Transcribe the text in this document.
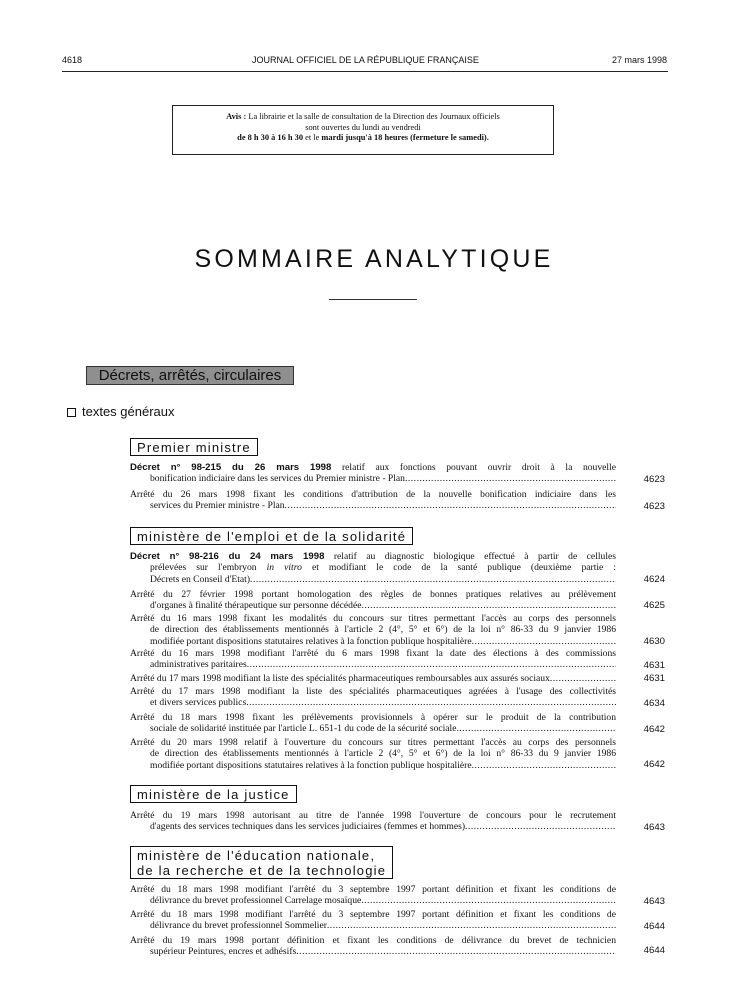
4618	JOURNAL OFFICIEL DE LA RÉPUBLIQUE FRANÇAISE	27 mars 1998
Avis : La librairie et la salle de consultation de la Direction des Journaux officiels
sont ouvertes du lundi au vendredi
de 8 h 30 à 16 h 30 et le mardi jusqu'à 18 heures (fermeture le samedi).
SOMMAIRE ANALYTIQUE
Décrets, arrêtés, circulaires
textes généraux
Premier ministre
Décret n° 98-215 du 26 mars 1998 relatif aux fonctions pouvant ouvrir droit à la nouvelle
bonification indiciaire dans les services du Premier ministre - Plan .....	4623
Arrêté du 26 mars 1998 fixant les conditions d'attribution de la nouvelle bonification indiciaire dans les
services du Premier ministre - Plan .....	4623
ministère de l'emploi et de la solidarité
Décret n° 98-216 du 24 mars 1998 relatif au diagnostic biologique effectué à partir de cellules
prélevées sur l'embryon in vitro et modifiant le code de la santé publique (deuxième partie :
Décrets en Conseil d'Etat) .....	4624
Arrêté du 27 février 1998 portant homologation des règles de bonnes pratiques relatives au prélèvement
d'organes à finalité thérapeutique sur personne décédée .....	4625
Arrêté du 16 mars 1998 fixant les modalités du concours sur titres permettant l'accès au corps des personnels
de direction des établissements mentionnés à l'article 2 (4°, 5° et 6°) de la loi n° 86-33 du 9 janvier 1986
modifiée portant dispositions statutaires relatives à la fonction publique hospitalière .....	4630
Arrêté du 16 mars 1998 modifiant l'arrêté du 6 mars 1998 fixant la date des élections à des commissions
administratives paritaires .....	4631
Arrêté du 17 mars 1998 modifiant la liste des spécialités pharmaceutiques remboursables aux assurés sociaux .....	4631
Arrêté du 17 mars 1998 modifiant la liste des spécialités pharmaceutiques agréées à l'usage des collectivités
et divers services publics .....	4634
Arrêté du 18 mars 1998 fixant les prélèvements provisionnels à opérer sur le produit de la contribution
sociale de solidarité instituée par l'article L. 651-1 du code de la sécurité sociale .....	4642
Arrêté du 20 mars 1998 relatif à l'ouverture du concours sur titres permettant l'accès au corps des personnels
de direction des établissements mentionnés à l'article 2 (4°, 5° et 6°) de la loi n° 86-33 du 9 janvier 1986
modifiée portant dispositions statutaires relatives à la fonction publique hospitalière .....	4642
ministère de la justice
Arrêté du 19 mars 1998 autorisant au titre de l'année 1998 l'ouverture de concours pour le recrutement
d'agents des services techniques dans les services judiciaires (femmes et hommes) .....	4643
ministère de l'éducation nationale,
de la recherche et de la technologie
Arrêté du 18 mars 1998 modifiant l'arrêté du 3 septembre 1997 portant définition et fixant les conditions de
délivrance du brevet professionnel Carrelage mosaïque .....	4643
Arrêté du 18 mars 1998 modifiant l'arrêté du 3 septembre 1997 portant définition et fixant les conditions de
délivrance du brevet professionnel Sommelier .....	4644
Arrêté du 19 mars 1998 portant définition et fixant les conditions de délivrance du brevet de technicien
supérieur Peintures, encres et adhésifs .....	4644
